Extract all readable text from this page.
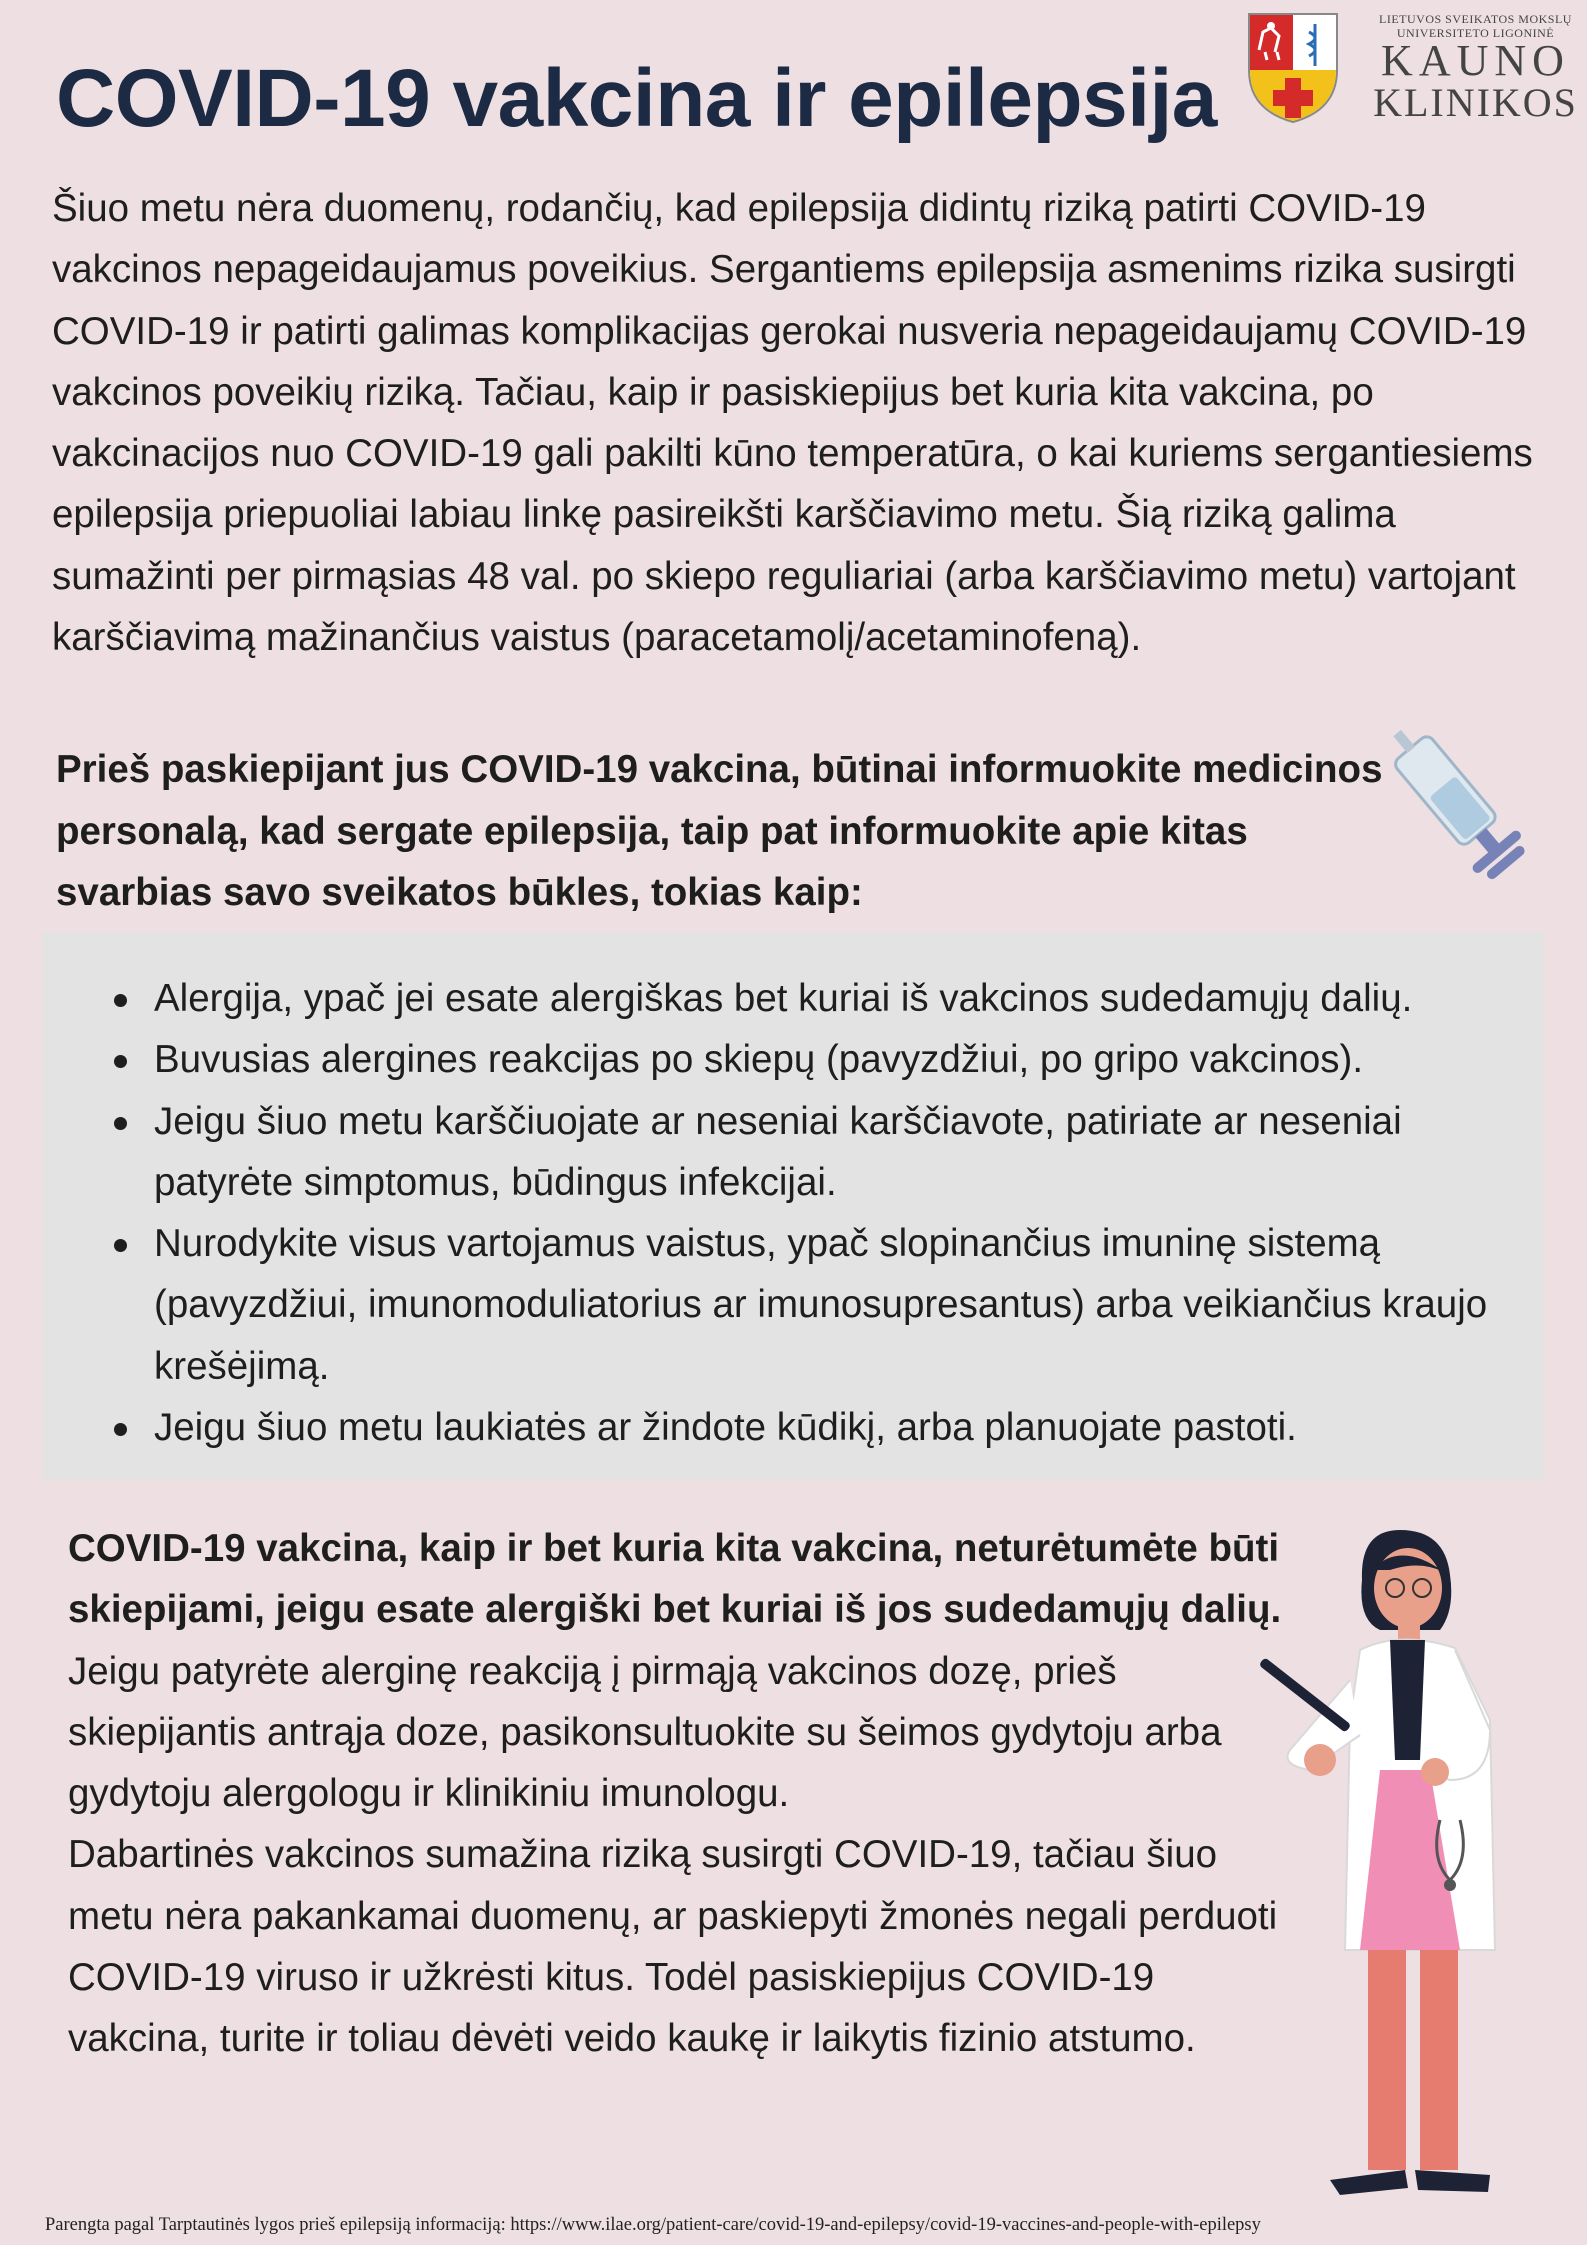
COVID-19 vakcina ir epilepsija
LIETUVOS SVEIKATOS MOKSLŲ
UNIVERSITETO LIGONINĖ
KAUNO
KLINIKOS

Šiuo metu nėra duomenų, rodančių, kad epilepsija didintų riziką patirti COVID-19 vakcinos nepageidaujamus poveikius. Sergantiems epilepsija asmenims rizika susirgti COVID-19 ir patirti galimas komplikacijas gerokai nusveria nepageidaujamų COVID-19 vakcinos poveikių riziką. Tačiau, kaip ir pasiskiepijus bet kuria kita vakcina, po vakcinacijos nuo COVID-19 gali pakilti kūno temperatūra, o kai kuriems sergantiesiems epilepsija priepuoliai labiau linkę pasireikšti karščiavimo metu. Šią riziką galima sumažinti per pirmąsias 48 val. po skiepo reguliariai (arba karščiavimo metu) vartojant karščiavimą mažinančius vaistus (paracetamolį/acetaminofeną).

Prieš paskiepijant jus COVID-19 vakcina, būtinai informuokite medicinos personalą, kad sergate epilepsija, taip pat informuokite apie kitas svarbias savo sveikatos būkles, tokias kaip:

Alergija, ypač jei esate alergiškas bet kuriai iš vakcinos sudedamųjų dalių.
Buvusias alergines reakcijas po skiepų (pavyzdžiui, po gripo vakcinos).
Jeigu šiuo metu karščiuojate ar neseniai karščiavote, patiriate ar neseniai patyrėte simptomus, būdingus infekcijai.
Nurodykite visus vartojamus vaistus, ypač slopinančius imuninę sistemą (pavyzdžiui, imunomoduliatorius ar imunosupresantus) arba veikiančius kraujo krešėjimą.
Jeigu šiuo metu laukiatės ar žindote kūdikį, arba planuojate pastoti.

COVID-19 vakcina, kaip ir bet kuria kita vakcina, neturėtumėte būti skiepijami, jeigu esate alergiški bet kuriai iš jos sudedamųjų dalių. Jeigu patyrėte alerginę reakciją į pirmąją vakcinos dozę, prieš skiepijantis antrąja doze, pasikonsultuokite su šeimos gydytoju arba gydytoju alergologu ir klinikiniu imunologu.
Dabartinės vakcinos sumažina riziką susirgti COVID-19, tačiau šiuo metu nėra pakankamai duomenų, ar paskiepyti žmonės negali perduoti COVID-19 viruso ir užkrėsti kitus. Todėl pasiskiepijus COVID-19 vakcina, turite ir toliau dėvėti veido kaukę ir laikytis fizinio atstumo.

Parengta pagal Tarptautinės lygos prieš epilepsiją informaciją: https://www.ilae.org/patient-care/covid-19-and-epilepsy/covid-19-vaccines-and-people-with-epilepsy
